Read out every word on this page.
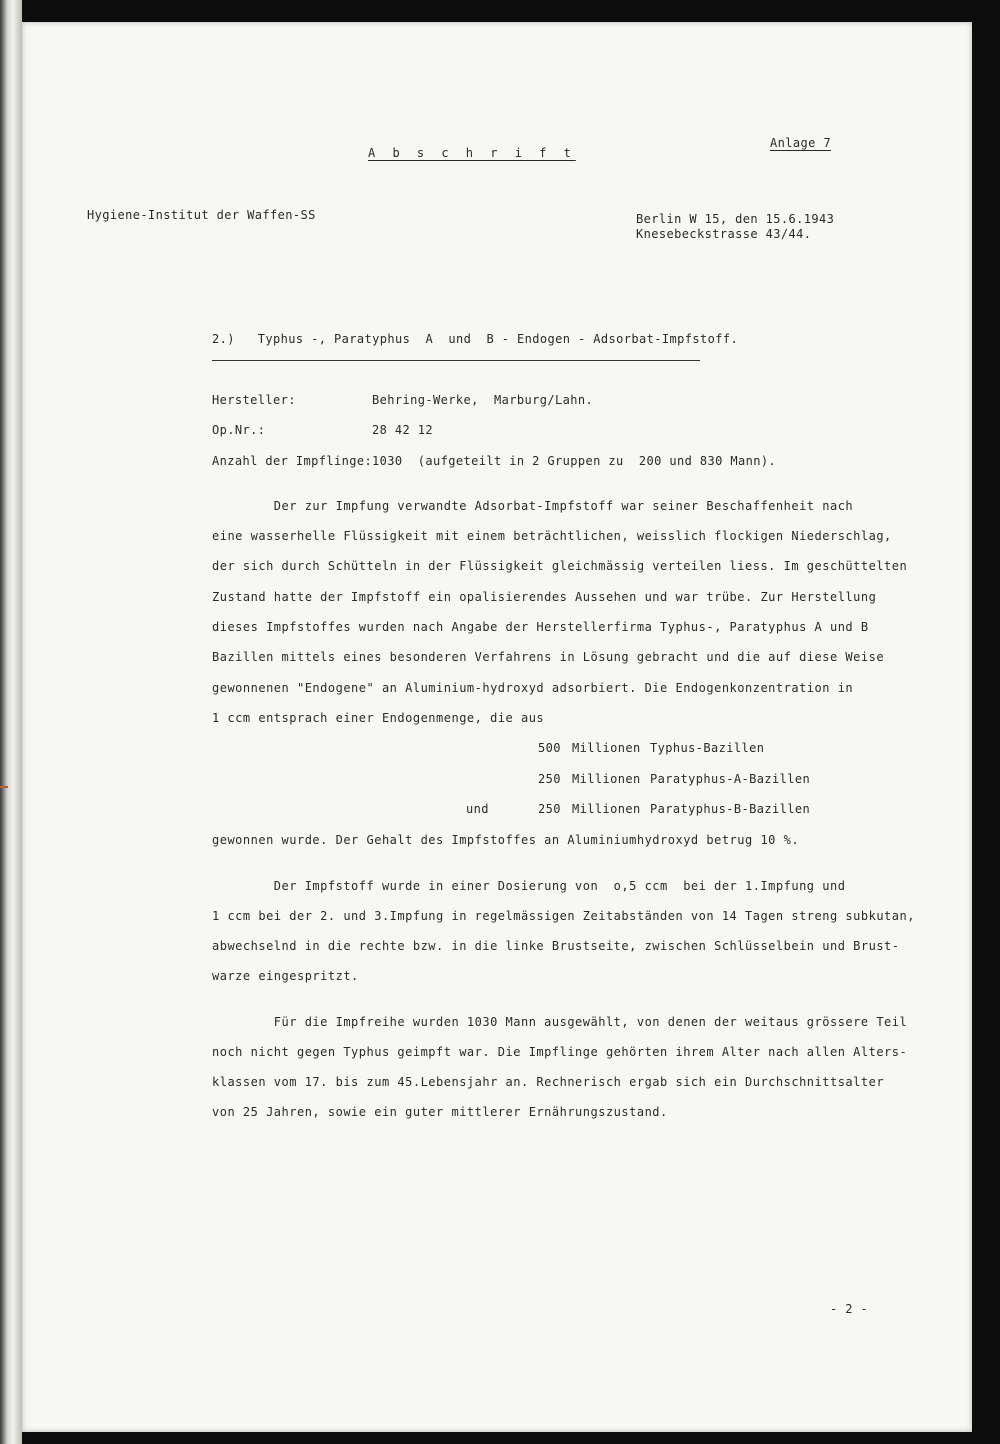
A b s c h r i f t
Anlage 7
Hygiene-Institut der Waffen-SS	Berlin W 15, den 15.6.1943
Knesebeckstrasse 43/44.
2.)   Typhus -, Paratyphus  A  und  B - Endogen - Adsorbat-Impfstoff.
Hersteller:	Behring-Werke,  Marburg/Lahn.
Op.Nr.:	28 42 12
Anzahl der Impflinge: 1030  (aufgeteilt in 2 Gruppen zu  200 und 830 Mann).
Der zur Impfung verwandte Adsorbat-Impfstoff war seiner Beschaffenheit nach
eine wasserhelle Flüssigkeit mit einem beträchtlichen, weisslich flockigen Niederschlag,
der sich durch Schütteln in der Flüssigkeit gleichmässig verteilen liess. Im geschüttelten
Zustand hatte der Impfstoff ein opalisierendes Aussehen und war trübe. Zur Herstellung
dieses Impfstoffes wurden nach Angabe der Herstellerfirma Typhus-, Paratyphus A und B
Bazillen mittels eines besonderen Verfahrens in Lösung gebracht und die auf diese Weise
gewonnenen "Endogene" an Aluminium-hydroxyd adsorbiert. Die Endogenkonzentration in
1 ccm entsprach einer Endogenmenge, die aus
500 Millionen Typhus-Bazillen
250 Millionen Paratyphus-A-Bazillen
und	250 Millionen Paratyphus-B-Bazillen
gewonnen wurde. Der Gehalt des Impfstoffes an Aluminiumhydroxyd betrug 10 %.
Der Impfstoff wurde in einer Dosierung von  o,5 ccm  bei der 1.Impfung und
1 ccm bei der 2. und 3.Impfung in regelmässigen Zeitabständen von 14 Tagen streng subkutan,
abwechselnd in die rechte bzw. in die linke Brustseite, zwischen Schlüsselbein und Brust-
warze eingespritzt.
Für die Impfreihe wurden 1030 Mann ausgewählt, von denen der weitaus grössere Teil
noch nicht gegen Typhus geimpft war. Die Impflinge gehörten ihrem Alter nach allen Alters-
klassen vom 17. bis zum 45.Lebensjahr an. Rechnerisch ergab sich ein Durchschnittsalter
von 25 Jahren, sowie ein guter mittlerer Ernährungszustand.
- 2 -
